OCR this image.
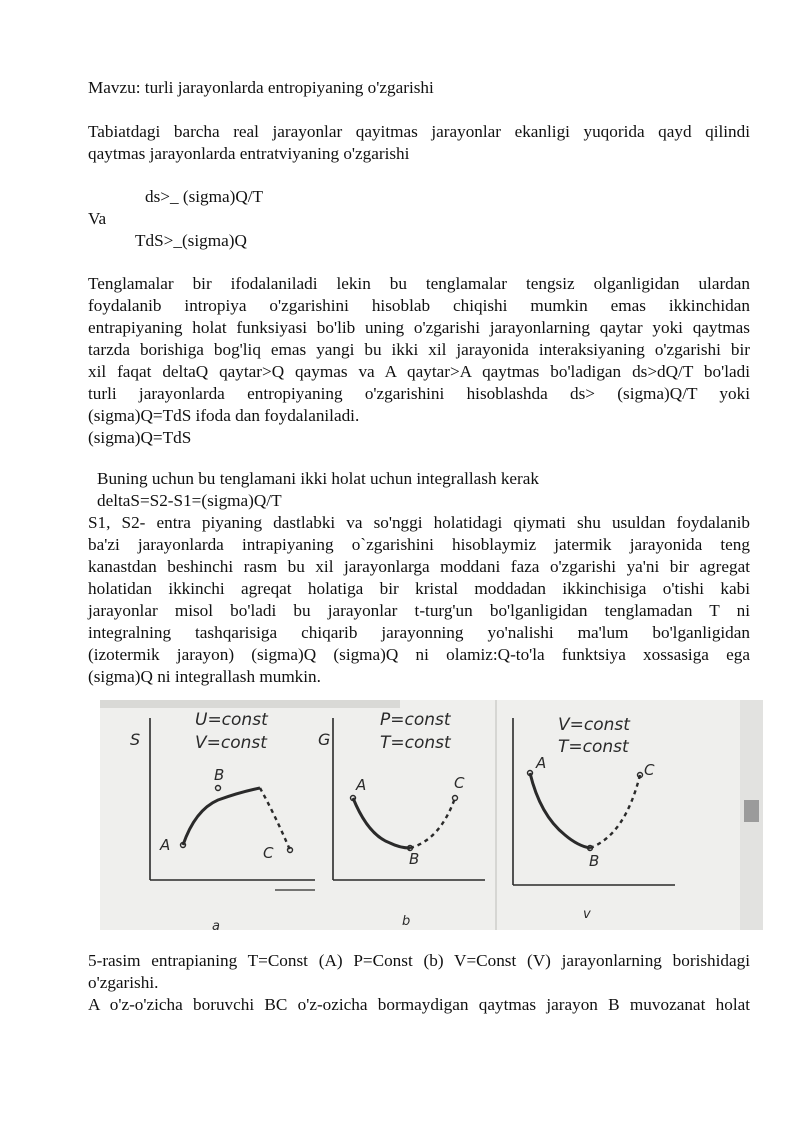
Mavzu: turli jarayonlarda entropiyaning o'zgarishi
Tabiatdagi barcha real jarayonlar qayitmas jarayonlar ekanligi yuqorida qayd qilindi
qaytmas jarayonlarda entratviyaning o'zgarishi
ds>_ (sigma)Q/T
Va
TdS>_(sigma)Q
Tenglamalar bir ifodalaniladi lekin bu tenglamalar tengsiz olganligidan ulardan
foydalanib intropiya o'zgarishini hisoblab chiqishi mumkin emas ikkinchidan
entrapiyaning holat funksiyasi bo'lib uning o'zgarishi jarayonlarning qaytar yoki qaytmas
tarzda borishiga bog'liq emas yangi bu ikki xil jarayonida interaksiyaning o'zgarishi bir
xil faqat deltaQ qaytar>Q qaymas va A qaytar>A qaytmas bo'ladigan ds>dQ/T bo'ladi
turli jarayonlarda entropiyaning o'zgarishini hisoblashda ds> (sigma)Q/T yoki
(sigma)Q=TdS ifoda dan foydalaniladi.
(sigma)Q=TdS
Buning uchun bu tenglamani ikki holat uchun integrallash kerak
deltaS=S2-S1=(sigma)Q/T
S1, S2- entra piyaning dastlabki va so'nggi holatidagi qiymati shu usuldan foydalanib
ba'zi jarayonlarda intrapiyaning o`zgarishini hisoblaymiz jatermik jarayonida teng
kanastdan beshinchi rasm bu xil jarayonlarga moddani faza o'zgarishi ya'ni bir agregat
holatidan ikkinchi agreqat holatiga bir kristal moddadan ikkinchisiga o'tishi kabi
jarayonlar misol bo'ladi bu jarayonlar t-turg'un bo'lganligidan tenglamadan T ni
integralning tashqarisiga chiqarib jarayonning yo'nalishi ma'lum bo'lganligidan
(izotermik jarayon) (sigma)Q (sigma)Q ni olamiz:Q-to'la funktsiya xossasiga ega
(sigma)Q ni integrallash mumkin.
S
U=const
V=const
A
B
C
a
G
P=const
T=const
A
B
C
b
V=const
T=const
A
B
C
v
5-rasim entrapianing T=Const (A) P=Const (b) V=Const (V) jarayonlarning borishidagi
o'zgarishi.
A o'z-o'zicha boruvchi BC o'z-ozicha bormaydigan qaytmas jarayon B muvozanat holat
